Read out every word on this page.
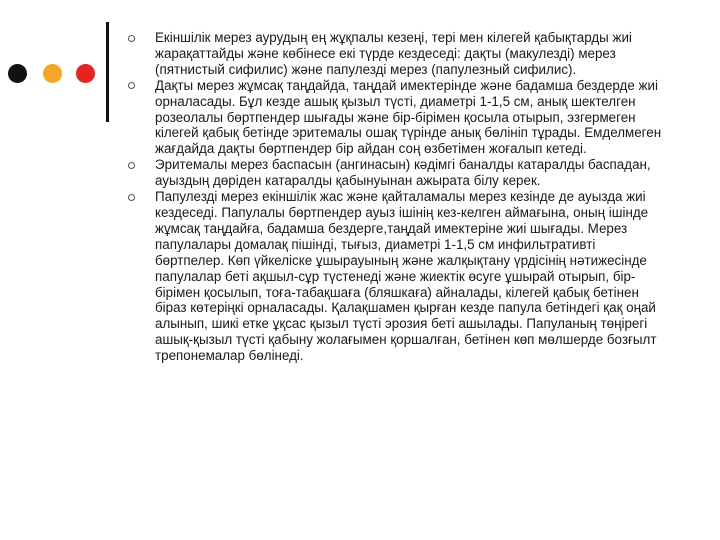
Екіншілік мерез аурудың ең жұқпалы кезеңі, тері мен кілегей қабықтарды жиі жарақаттайды және көбінесе екі түрде кездеседі: дақты (макулезді) мерез (пятнистый сифилис) және папулезді мерез (папулезный сифилис).
Дақты мерез жұмсақ таңдайда, таңдай имектерінде және бадамша бездерде жиі орналасады. Бұл кезде ашық қызыл түсті, диаметрі 1-1,5 см, анық шектелген розеолалы бөртпендер шығады және бір-бірімен қосыла отырып, эзгермеген кілегей қабық бетінде эритемалы ошақ түрінде анық бөлініп тұрады. Емделмеген жағдайда дақты бөртпендер бір айдан соң өзбетімен жоғалып кетеді.
Эритемалы мерез баспасын (ангинасын) кәдімгі баналды катаралды баспадан, ауыздың дөріден катаралды қабынуынан ажырата білу керек.
Папулезді мерез екіншілік жас және қайталамалы мерез кезінде де ауызда жиі кездеседі. Папулалы бөртпендер ауыз ішінің кез-келген аймағына, оның ішінде жұмсақ таңдайға, бадамша бездерге,таңдай имектеріне жиі шығады. Мерез папулалары домалақ пішінді, тығыз, диаметрі 1-1,5 см инфильтративті бөртпелер. Көп үйкеліске ұшырауының және жалқықтану үрдісінің нәтижесінде папулалар беті ақшыл-сұр түстенеді және жиектік өсуге ұшырай отырып, бір-бірімен қосылып, тоға-табақшаға (бляшкаға) айналады, кілегей қабық бетінен біраз көтеріңкі орналасады. Қалақшамен қырған кезде папула бетіндегі қақ оңай алынып, шикі етке ұқсас қызыл түсті эрозия беті ашылады. Папуланың төңірегі ашық-қызыл түсті қабыну жолағымен қоршалған, бетінен көп мөлшерде бозғылт трепонемалар бөлінеді.
